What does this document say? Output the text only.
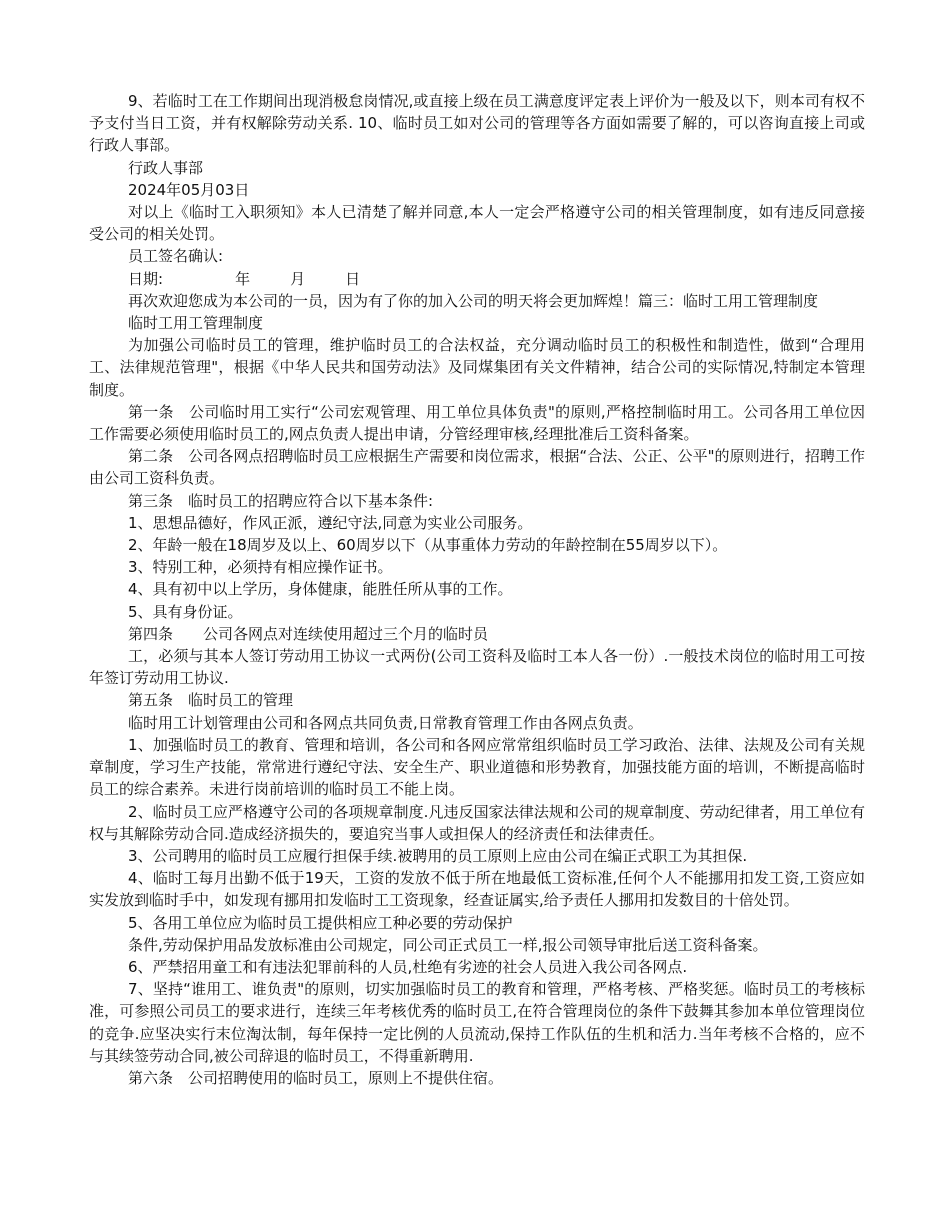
9、若临时工在工作期间出现消极怠岗情况,或直接上级在员工满意度评定表上评价为一般及以下，则本司有权不予支付当日工资，并有权解除劳动关系. 10、临时员工如对公司的管理等各方面如需要了解的，可以咨询直接上司或行政人事部。

行政人事部

2024年05月03日

对以上《临时工入职须知》本人已清楚了解并同意,本人一定会严格遵守公司的相关管理制度，如有违反同意接受公司的相关处罚。

员工签名确认:

日期:	年	月	日

再次欢迎您成为本公司的一员，因为有了你的加入公司的明天将会更加辉煌！篇三：临时工用工管理制度

临时工用工管理制度

为加强公司临时员工的管理，维护临时员工的合法权益，充分调动临时员工的积极性和制造性，做到“合理用工、法律规范管理"，根据《中华人民共和国劳动法》及同煤集团有关文件精神，结合公司的实际情况,特制定本管理制度。

第一条　公司临时用工实行“公司宏观管理、用工单位具体负责"的原则,严格控制临时用工。公司各用工单位因工作需要必须使用临时员工的,网点负责人提出申请，分管经理审核,经理批准后工资科备案。

第二条　公司各网点招聘临时员工应根据生产需要和岗位需求，根据“合法、公正、公平"的原则进行，招聘工作由公司工资科负责。

第三条　临时员工的招聘应符合以下基本条件:

1、思想品德好，作风正派，遵纪守法,同意为实业公司服务。

2、年龄一般在18周岁及以上、60周岁以下（从事重体力劳动的年龄控制在55周岁以下）。

3、特别工种，必须持有相应操作证书。

4、具有初中以上学历，身体健康，能胜任所从事的工作。

5、具有身份证。

第四条　　公司各网点对连续使用超过三个月的临时员

工，必须与其本人签订劳动用工协议一式两份(公司工资科及临时工本人各一份）.一般技术岗位的临时用工可按年签订劳动用工协议.

第五条　临时员工的管理

临时用工计划管理由公司和各网点共同负责,日常教育管理工作由各网点负责。

1、加强临时员工的教育、管理和培训，各公司和各网应常常组织临时员工学习政治、法律、法规及公司有关规章制度，学习生产技能，常常进行遵纪守法、安全生产、职业道德和形势教育，加强技能方面的培训，不断提高临时员工的综合素养。未进行岗前培训的临时员工不能上岗。

2、临时员工应严格遵守公司的各项规章制度.凡违反国家法律法规和公司的规章制度、劳动纪律者，用工单位有权与其解除劳动合同.造成经济损失的，要追究当事人或担保人的经济责任和法律责任。

3、公司聘用的临时员工应履行担保手续.被聘用的员工原则上应由公司在编正式职工为其担保.

4、临时工每月出勤不低于19天，工资的发放不低于所在地最低工资标准,任何个人不能挪用扣发工资,工资应如实发放到临时手中，如发现有挪用扣发临时工工资现象，经查证属实,给予责任人挪用扣发数目的十倍处罚。

5、各用工单位应为临时员工提供相应工种必要的劳动保护

条件,劳动保护用品发放标准由公司规定，同公司正式员工一样,报公司领导审批后送工资科备案。

6、严禁招用童工和有违法犯罪前科的人员,杜绝有劣迹的社会人员进入我公司各网点.

7、坚持“谁用工、谁负责"的原则，切实加强临时员工的教育和管理，严格考核、严格奖惩。临时员工的考核标准，可参照公司员工的要求进行，连续三年考核优秀的临时员工,在符合管理岗位的条件下鼓舞其参加本单位管理岗位的竞争.应坚决实行末位淘汰制，每年保持一定比例的人员流动,保持工作队伍的生机和活力.当年考核不合格的，应不与其续签劳动合同,被公司辞退的临时员工，不得重新聘用.

第六条　公司招聘使用的临时员工，原则上不提供住宿。
